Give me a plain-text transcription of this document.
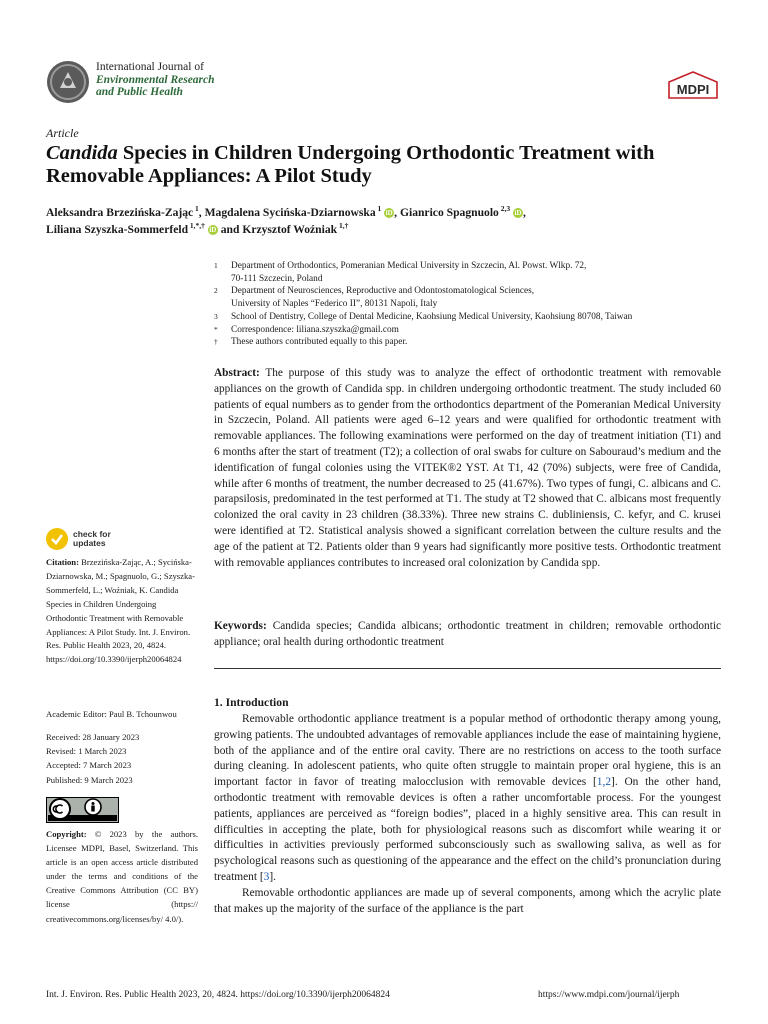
International Journal of
Environmental Research
and Public Health	MDPI
Article
Candida Species in Children Undergoing Orthodontic Treatment with Removable Appliances: A Pilot Study
Aleksandra Brzezińska-Zając $^1$, Magdalena Sycińska-Dziarnowska $^1$ iD , Gianrico Spagnuolo $^{2,3}$ iD ,
Liliana Szyszka-Sommerfeld $^{1,*,\dagger}$ iD and Krzysztof Woźniak $^{1,\dagger}$
1 Department of Orthodontics, Pomeranian Medical University in Szczecin, Al. Powst. Wlkp. 72,
70-111 Szczecin, Poland
2 Department of Neurosciences, Reproductive and Odontostomatological Sciences,
University of Naples “Federico II”, 80131 Napoli, Italy
3 School of Dentistry, College of Dental Medicine, Kaohsiung Medical University, Kaohsiung 80708, Taiwan
* Correspondence: liliana.szyszka@gmail.com
† These authors contributed equally to this paper.
Abstract: The purpose of this study was to analyze the effect of orthodontic treatment with removable appliances on the growth of Candida spp. in children undergoing orthodontic treatment. The study included 60 patients of equal numbers as to gender from the orthodontics department of the Pomeranian Medical University in Szczecin, Poland. All patients were aged 6–12 years and were qualified for orthodontic treatment with removable appliances. The following examinations were performed on the day of treatment initiation (T1) and 6 months after the start of treatment (T2); a collection of oral swabs for culture on Sabouraud’s medium and the identification of fungal colonies using the VITEK®2 YST. At T1, 42 (70%) subjects, were free of Candida, while after 6 months of treatment, the number decreased to 25 (41.67%). Two types of fungi, C. albicans and C. parapsilosis, predominated in the test performed at T1. The study at T2 showed that C. albicans most frequently colonized the oral cavity in 23 children (38.33%). Three new strains C. dubliniensis, C. kefyr, and C. krusei were identified at T2. Statistical analysis showed a significant correlation between the culture results and the age of the patient at T2. Patients older than 9 years had significantly more positive tests. Orthodontic treatment with removable appliances contributes to increased oral colonization by Candida spp.
Keywords: Candida species; Candida albicans; orthodontic treatment in children; removable orthodontic appliance; oral health during orthodontic treatment
1. Introduction

Removable orthodontic appliance treatment is a popular method of orthodontic therapy among young, growing patients. The undoubted advantages of removable appliances include the ease of maintaining hygiene, both of the appliance and of the entire oral cavity. There are no restrictions on access to the tooth surface during cleaning. In adolescent patients, who quite often struggle to maintain proper oral hygiene, this is an important factor in favor of treating malocclusion with removable devices [1,2]. On the other hand, orthodontic treatment with removable devices is often a rather uncomfortable process. For the youngest patients, appliances are perceived as “foreign bodies”, placed in a highly sensitive area. This can result in difficulties in accepting the plate, both for physiological reasons such as discomfort while wearing it or difficulties in activities previously performed subconsciously such as swallowing saliva, as well as for psychological reasons such as questioning of the appearance and the effect on the child’s pronunciation during treatment [3].

Removable orthodontic appliances are made up of several components, among which the acrylic plate that makes up the majority of the surface of the appliance is the part

check for
updates
Citation: Brzezińska-Zając, A.; Sycińska-Dziarnowska, M.; Spagnuolo, G.; Szyszka-Sommerfeld, L.; Woźniak, K. Candida Species in Children Undergoing Orthodontic Treatment with Removable Appliances: A Pilot Study. Int. J. Environ. Res. Public Health 2023, 20, 4824. https://doi.org/10.3390/ijerph20064824
Academic Editor: Paul B. Tchounwou
Received: 28 January 2023
Revised: 1 March 2023
Accepted: 7 March 2023
Published: 9 March 2023
Copyright: © 2023 by the authors. Licensee MDPI, Basel, Switzerland. This article is an open access article distributed under the terms and conditions of the Creative Commons Attribution (CC BY) license (https:// creativecommons.org/licenses/by/ 4.0/).
Int. J. Environ. Res. Public Health 2023, 20, 4824. https://doi.org/10.3390/ijerph20064824	https://www.mdpi.com/journal/ijerph
